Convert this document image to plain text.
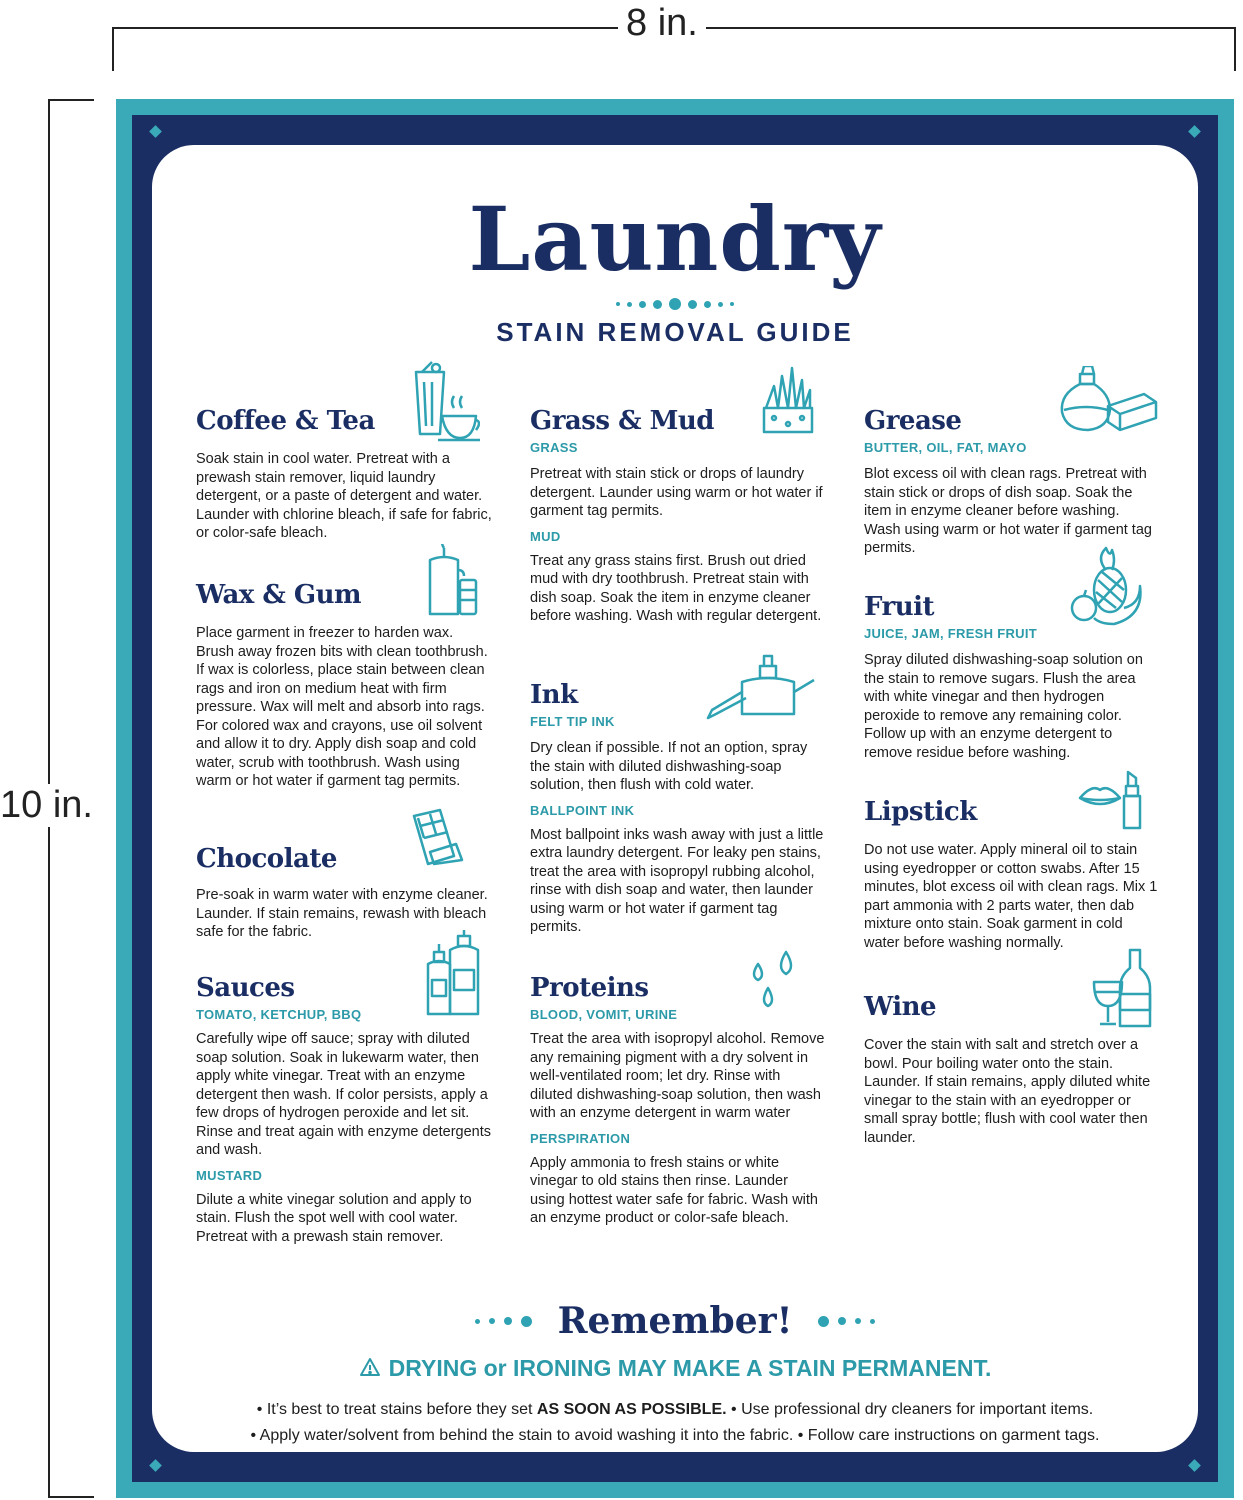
8 in.
10 in.
Laundry
STAIN REMOVAL GUIDE
Coffee & Tea

Soak stain in cool water. Pretreat with a prewash stain remover, liquid laundry detergent, or a paste of detergent and water. Launder with chlorine bleach, if safe for fabric, or color-safe bleach.

Wax & Gum

Place garment in freezer to harden wax. Brush away frozen bits with clean toothbrush. If wax is colorless, place stain between clean rags and iron on medium heat with firm pressure. Wax will melt and absorb into rags. For colored wax and crayons, use oil solvent and allow it to dry. Apply dish soap and cold water, scrub with toothbrush. Wash using warm or hot water if garment tag permits.

Chocolate

Pre-soak in warm water with enzyme cleaner. Launder. If stain remains, rewash with bleach safe for the fabric.

Sauces
TOMATO, KETCHUP, BBQ

Carefully wipe off sauce; spray with diluted soap solution. Soak in lukewarm water, then apply white vinegar. Treat with an enzyme detergent then wash. If color persists, apply a few drops of hydrogen peroxide and let sit. Rinse and treat again with enzyme detergents and wash.

MUSTARD

Dilute a white vinegar solution and apply to stain. Flush the spot well with cool water. Pretreat with a prewash stain remover.

Grass & Mud
GRASS

Pretreat with stain stick or drops of laundry detergent. Launder using warm or hot water if garment tag permits.

MUD

Treat any grass stains first. Brush out dried mud with dry toothbrush. Pretreat stain with dish soap. Soak the item in enzyme cleaner before washing. Wash with regular detergent.

Ink
FELT TIP INK

Dry clean if possible. If not an option, spray the stain with diluted dishwashing-soap solution, then flush with cold water.

BALLPOINT INK

Most ballpoint inks wash away with just a little extra laundry detergent. For leaky pen stains, treat the area with isopropyl rubbing alcohol, rinse with dish soap and water, then launder using warm or hot water if garment tag permits.

Proteins
BLOOD, VOMIT, URINE

Treat the area with isopropyl alcohol. Remove any remaining pigment with a dry solvent in well-ventilated room; let dry. Rinse with diluted dishwashing-soap solution, then wash with an enzyme detergent in warm water

PERSPIRATION

Apply ammonia to fresh stains or white vinegar to old stains then rinse. Launder using hottest water safe for fabric. Wash with an enzyme product or color-safe bleach.

Grease
BUTTER, OIL, FAT, MAYO

Blot excess oil with clean rags. Pretreat with stain stick or drops of dish soap. Soak the item in enzyme cleaner before washing. Wash using warm or hot water if garment tag permits.

Fruit
JUICE, JAM, FRESH FRUIT

Spray diluted dishwashing-soap solution on the stain to remove sugars. Flush the area with white vinegar and then hydrogen peroxide to remove any remaining color. Follow up with an enzyme detergent to remove residue before washing.

Lipstick

Do not use water. Apply mineral oil to stain using eyedropper or cotton swabs. After 15 minutes, blot excess oil with clean rags. Mix 1 part ammonia with 2 parts water, then dab mixture onto stain. Soak garment in cold water before washing normally.

Wine

Cover the stain with salt and stretch over a bowl. Pour boiling water onto the stain. Launder. If stain remains, apply diluted white vinegar to the stain with an eyedropper or small spray bottle; flush with cool water then launder.

Remember!
DRYING or IRONING MAY MAKE A STAIN PERMANENT.
• It’s best to treat stains before they set AS SOON AS POSSIBLE. • Use professional dry cleaners for important items.
• Apply water/solvent from behind the stain to avoid washing it into the fabric. • Follow care instructions on garment tags.
